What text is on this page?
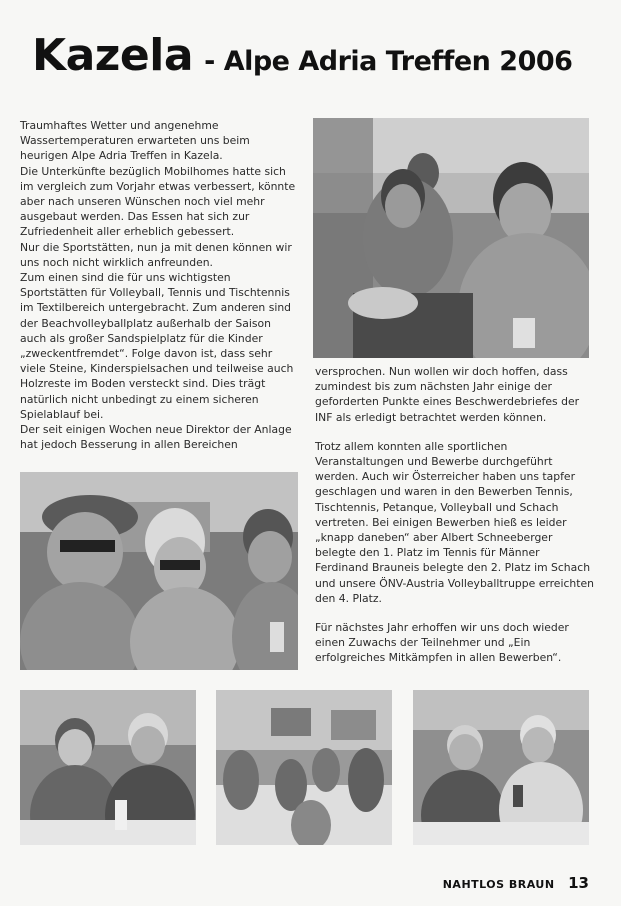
Kazela - Alpe Adria Treffen 2006

Traumhaftes Wetter und angenehme Wassertemperaturen erwarteten uns beim heurigen Alpe Adria Treffen in Kazela.

Die Unterkünfte bezüglich Mobilhomes hatte sich im vergleich zum Vorjahr etwas verbessert, könnte aber nach unseren Wünschen noch viel mehr ausgebaut werden. Das Essen hat sich zur Zufriedenheit aller erheblich gebessert.

Nur die Sportstätten, nun ja mit denen können wir uns noch nicht wirklich anfreunden.

Zum einen sind die für uns wichtigsten Sportstätten für Volleyball, Tennis und Tischtennis im Textilbereich untergebracht. Zum anderen sind der Beachvolleyballplatz außerhalb der Saison auch als großer Sandspielplatz für die Kinder „zweckentfremdet“. Folge davon ist, dass sehr viele Steine, Kinderspielsachen und teilweise auch Holzreste im Boden versteckt sind. Dies trägt natürlich nicht unbedingt zu einem sicheren Spielablauf bei.

Der seit einigen Wochen neue Direktor der Anlage hat jedoch Besserung in allen Bereichen

versprochen. Nun wollen wir doch hoffen, dass zumindest bis zum nächsten Jahr einige der geforderten Punkte eines Beschwerdebriefes der INF als erledigt betrachtet werden können.

Trotz allem konnten alle sportlichen Veranstaltungen und Bewerbe durchgeführt werden. Auch wir Österreicher haben uns tapfer geschlagen und waren in den Bewerben Tennis, Tischtennis, Petanque, Volleyball und Schach vertreten. Bei einigen Bewerben hieß es leider „knapp daneben“ aber Albert Schneeberger belegte den 1. Platz im Tennis für Männer Ferdinand Brauneis belegte den 2. Platz im Schach und unsere ÖNV-Austria Volleyballtruppe erreichten den 4. Platz.

Für nächstes Jahr erhoffen wir uns doch wieder einen Zuwachs der Teilnehmer und „Ein erfolgreiches Mitkämpfen in allen Bewerben“.

NAHTLOS BRAUN 13
